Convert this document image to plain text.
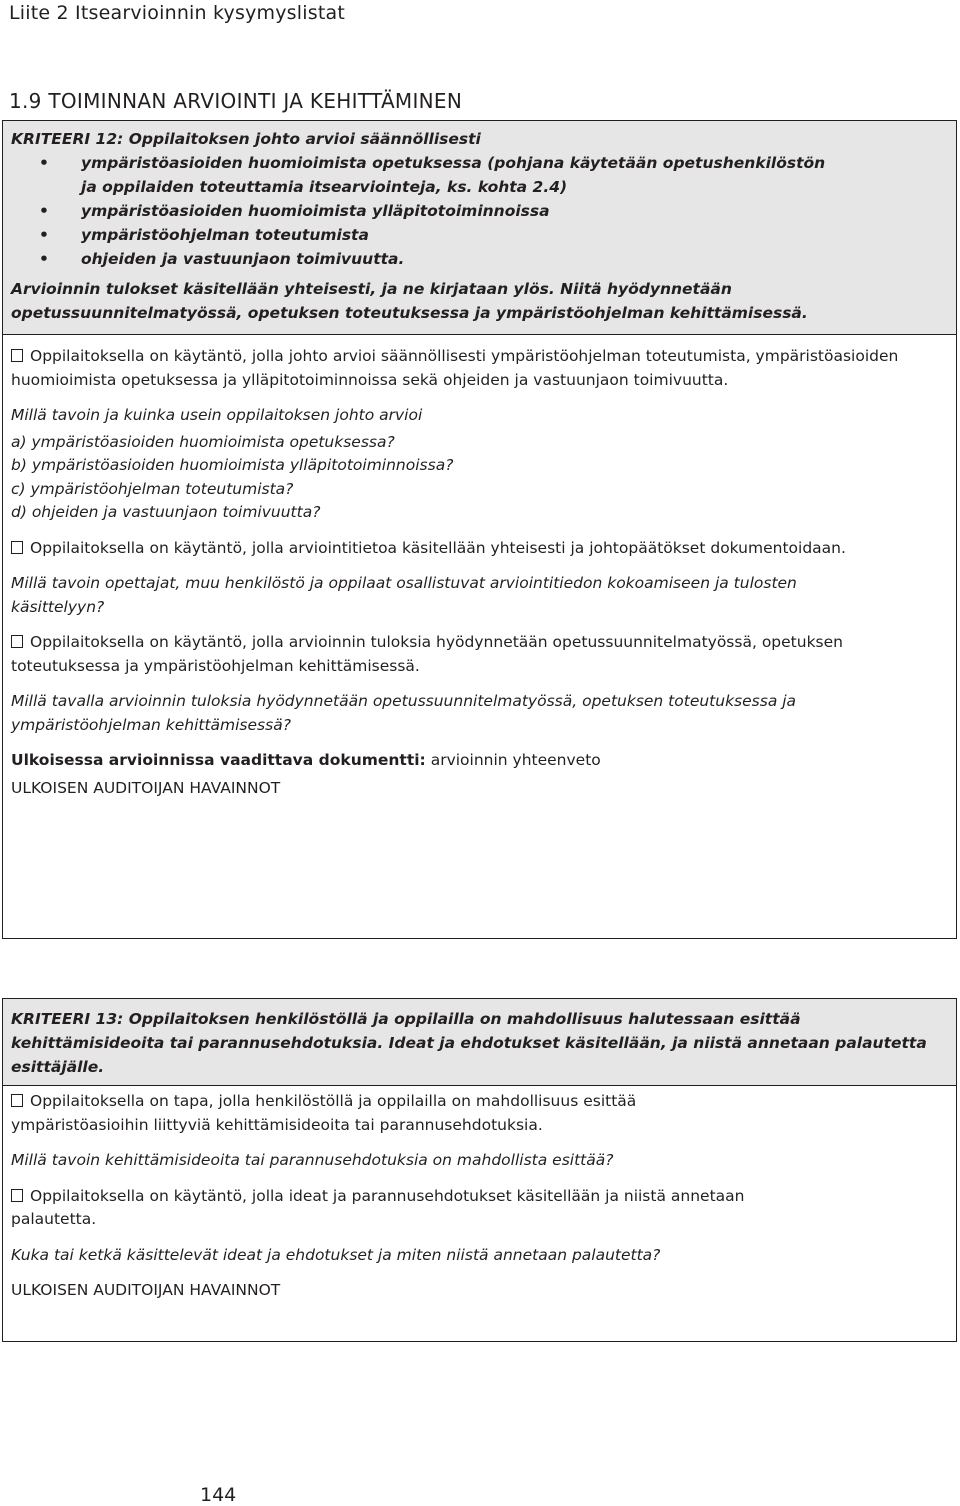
Liite 2 Itsearvioinnin kysymyslistat
1.9 TOIMINNAN ARVIOINTI JA KEHITTÄMINEN
KRITEERI 12: Oppilaitoksen johto arvioi säännöllisesti
• ympäristöasioiden huomioimista opetuksessa (pohjana käytetään opetushenkilöstön ja oppilaiden toteuttamia itsearviointeja, ks. kohta 2.4)
• ympäristöasioiden huomioimista ylläpitotoiminnoissa
• ympäristöohjelman toteutumista
• ohjeiden ja vastuunjaon toimivuutta.
Arvioinnin tulokset käsitellään yhteisesti, ja ne kirjataan ylös. Niitä hyödynnetään opetussuunnitelmatyössä, opetuksen toteutuksessa ja ympäristöohjelman kehittämisessä.

Oppilaitoksella on käytäntö, jolla johto arvioi säännöllisesti ympäristöohjelman toteutumista, ympäristöasioiden huomioimista opetuksessa ja ylläpitotoiminnoissa sekä ohjeiden ja vastuunjaon toimivuutta.

Millä tavoin ja kuinka usein oppilaitoksen johto arvioi

a) ympäristöasioiden huomioimista opetuksessa?

b) ympäristöasioiden huomioimista ylläpitotoiminnoissa?

c) ympäristöohjelman toteutumista?

d) ohjeiden ja vastuunjaon toimivuutta?

Oppilaitoksella on käytäntö, jolla arviointitietoa käsitellään yhteisesti ja johtopäätökset dokumentoidaan.

Millä tavoin opettajat, muu henkilöstö ja oppilaat osallistuvat arviointitiedon kokoamiseen ja tulosten käsittelyyn?

Oppilaitoksella on käytäntö, jolla arvioinnin tuloksia hyödynnetään opetussuunnitelmatyössä, opetuksen toteutuksessa ja ympäristöohjelman kehittämisessä.

Millä tavalla arvioinnin tuloksia hyödynnetään opetussuunnitelmatyössä, opetuksen toteutuksessa ja ympäristöohjelman kehittämisessä?

Ulkoisessa arvioinnissa vaadittava dokumentti: arvioinnin yhteenveto

ULKOISEN AUDITOIJAN HAVAINNOT

KRITEERI 13: Oppilaitoksen henkilöstöllä ja oppilailla on mahdollisuus halutessaan esittää kehittämisideoita tai parannusehdotuksia. Ideat ja ehdotukset käsitellään, ja niistä annetaan palautetta esittäjälle.

Oppilaitoksella on tapa, jolla henkilöstöllä ja oppilailla on mahdollisuus esittää ympäristöasioihin liittyviä kehittämisideoita tai parannusehdotuksia.

Millä tavoin kehittämisideoita tai parannusehdotuksia on mahdollista esittää?

Oppilaitoksella on käytäntö, jolla ideat ja parannusehdotukset käsitellään ja niistä annetaan palautetta.

Kuka tai ketkä käsittelevät ideat ja ehdotukset ja miten niistä annetaan palautetta?

ULKOISEN AUDITOIJAN HAVAINNOT

144
